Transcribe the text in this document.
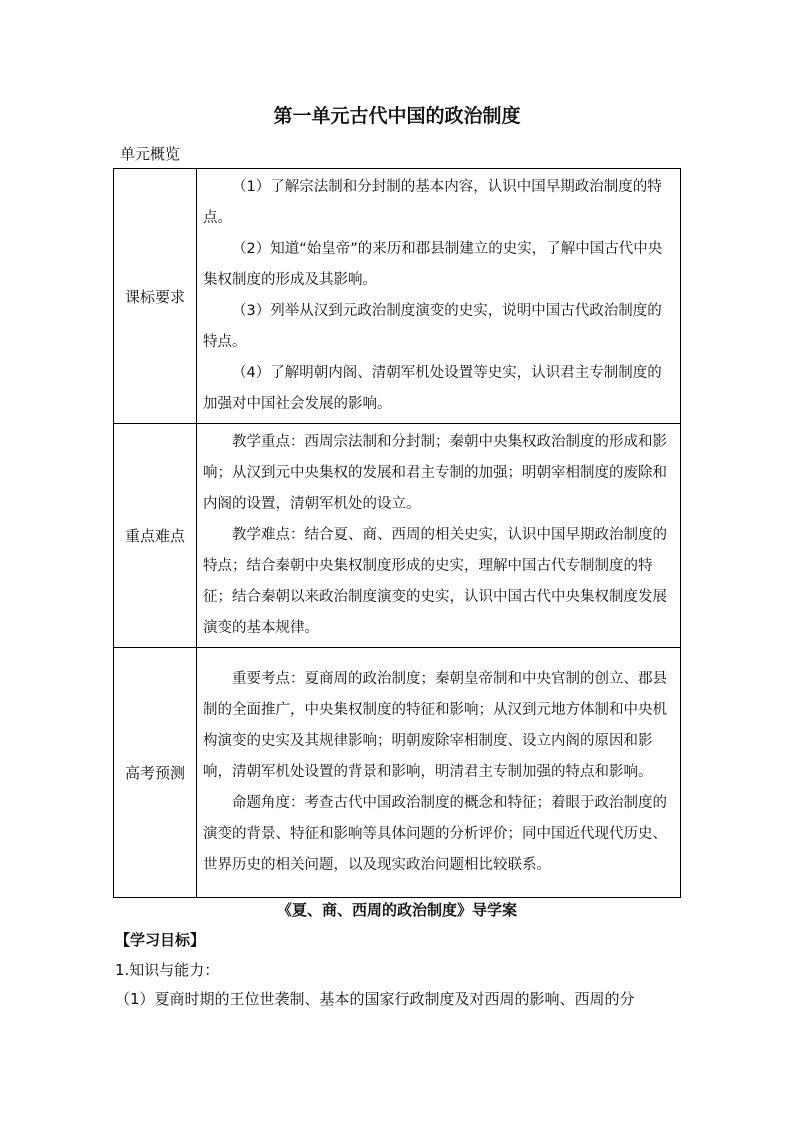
第一单元古代中国的政治制度
单元概览
课标要求	（1）了解宗法制和分封制的基本内容，认识中国早期政治制度的特点。

（2）知道“始皇帝”的来历和郡县制建立的史实，了解中国古代中央集权制度的形成及其影响。

（3）列举从汉到元政治制度演变的史实，说明中国古代政治制度的特点。

（4）了解明朝内阁、清朝军机处设置等史实，认识君主专制制度的加强对中国社会发展的影响。

重点难点	教学重点：西周宗法制和分封制；秦朝中央集权政治制度的形成和影响；从汉到元中央集权的发展和君主专制的加强；明朝宰相制度的废除和内阁的设置，清朝军机处的设立。

教学难点：结合夏、商、西周的相关史实，认识中国早期政治制度的特点；结合秦朝中央集权制度形成的史实，理解中国古代专制制度的特征；结合秦朝以来政治制度演变的史实，认识中国古代中央集权制度发展演变的基本规律。

高考预测	重要考点：夏商周的政治制度；秦朝皇帝制和中央官制的创立、郡县制的全面推广，中央集权制度的特征和影响；从汉到元地方体制和中央机构演变的史实及其规律影响；明朝废除宰相制度、设立内阁的原因和影响，清朝军机处设置的背景和影响，明清君主专制加强的特点和影响。

命题角度：考查古代中国政治制度的概念和特征；着眼于政治制度的演变的背景、特征和影响等具体问题的分析评价；同中国近代现代历史、世界历史的相关问题，以及现实政治问题相比较联系。

《夏、商、西周的政治制度》导学案
【学习目标】
1.知识与能力：
（1）夏商时期的王位世袭制、基本的国家行政制度及对西周的影响、西周的分
